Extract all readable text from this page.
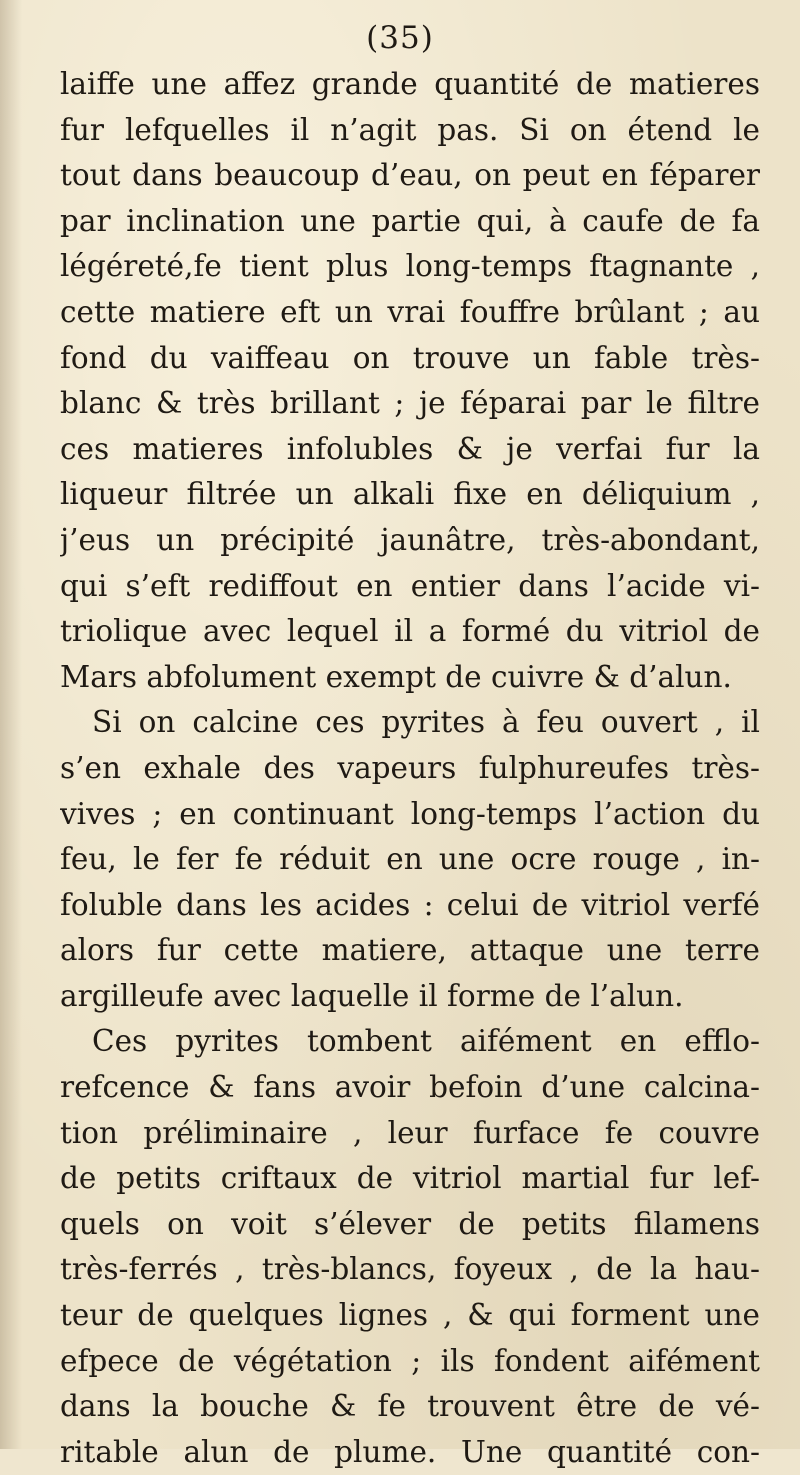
(35)
laiffe une affez grande quantité de matieres
fur lefquelles il n’agit pas. Si on étend le
tout dans beaucoup d’eau, on peut en féparer
par inclination une partie qui, à caufe de fa
légéreté,fe tient plus long-temps ftagnante ,
cette matiere eft un vrai fouffre brûlant ; au
fond du vaiffeau on trouve un fable très-
blanc & très brillant ; je féparai par le filtre
ces matieres infolubles & je verfai fur la
liqueur filtrée un alkali fixe en déliquium ,
j’eus un précipité jaunâtre, très-abondant,
qui s’eft rediffout en entier dans l’acide vi-
triolique avec lequel il a formé du vitriol de
Mars abfolument exempt de cuivre & d’alun.
Si on calcine ces pyrites à feu ouvert , il
s’en exhale des vapeurs fulphureufes très-
vives ; en continuant long-temps l’action du
feu, le fer fe réduit en une ocre rouge , in-
foluble dans les acides : celui de vitriol verfé
alors fur cette matiere, attaque une terre
argilleufe avec laquelle il forme de l’alun.
Ces pyrites tombent aifément en efflo-
refcence & fans avoir befoin d’une calcina-
tion préliminaire , leur furface fe couvre
de petits criftaux de vitriol martial fur lef-
quels on voit s’élever de petits filamens
très-ferrés , très-blancs, foyeux , de la hau-
teur de quelques lignes , & qui forment une
efpece de végétation ; ils fondent aifément
dans la bouche & fe trouvent être de vé-
ritable alun de plume. Une quantité con-
